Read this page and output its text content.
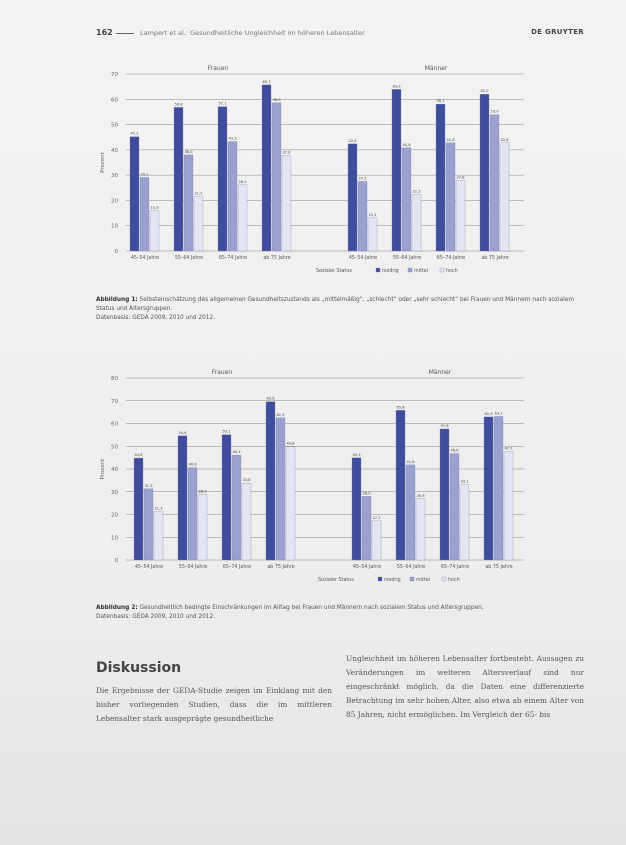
162	Lampert et al.: Gesundheitliche Ungleichheit im höheren Lebensalter	DE GRUYTER
Prozent
0
10
20
30
40
50
60
70
Frauen
45,2
29,1
15,9
45–54 Jahre
56,8
38,0
21,5
55–64 Jahre
57,1
43,3
26,2
65–74 Jahre
65,7
58,6
37,8
ab 75 Jahre
Männer
42,4
27,5
13,1
45–54 Jahre
63,9
40,8
22,3
55–64 Jahre
58,1
42,8
27,8
65–74 Jahre
62,0
53,9
42,8
ab 75 Jahre
Sozialer Status	niedrig	mittel	hoch
Abbildung 1: Selbsteinschätzung des allgemeinen Gesundheitszustands als „mittelmäßig“, „schlecht“ oder „sehr schlecht“ bei Frauen und Männern nach sozialem Status und Altersgruppen.
Datenbasis: GEDA 2009, 2010 und 2012.
Prozent
0
10
20
30
40
50
60
70
80
Frauen
44,8
31,3
21,3
45–54 Jahre
54,6
40,6
28,9
55–64 Jahre
55,1
46,1
33,8
65–74 Jahre
69,6
62,5
49,8
ab 75 Jahre
Männer
44,9
28,0
17,2
45–54 Jahre
65,8
41,8
26,9
55–64 Jahre
57,6
46,8
33,1
65–74 Jahre
62,9 63,1
47,7
ab 75 Jahre
Sozialer Status	niedrig	mittel	hoch
Abbildung 2: Gesundheitlich bedingte Einschränkungen im Alltag bei Frauen und Männern nach sozialem Status und Altersgruppen.
Datenbasis: GEDA 2009, 2010 und 2012.
Diskussion
Die Ergebnisse der GEDA-Studie zeigen im Einklang mit den bisher vorliegenden Studien, dass die im mittleren Lebensalter stark ausgeprägte gesundheitliche
Ungleichheit im höheren Lebensalter fortbesteht. Aussagen zu Veränderungen im weiteren Altersverlauf sind nur eingeschränkt möglich, da die Daten eine differenzierte Betrachtung im sehr hohen Alter, also etwa ab einem Alter von 85 Jahren, nicht ermöglichen. Im Vergleich der 65- bis
